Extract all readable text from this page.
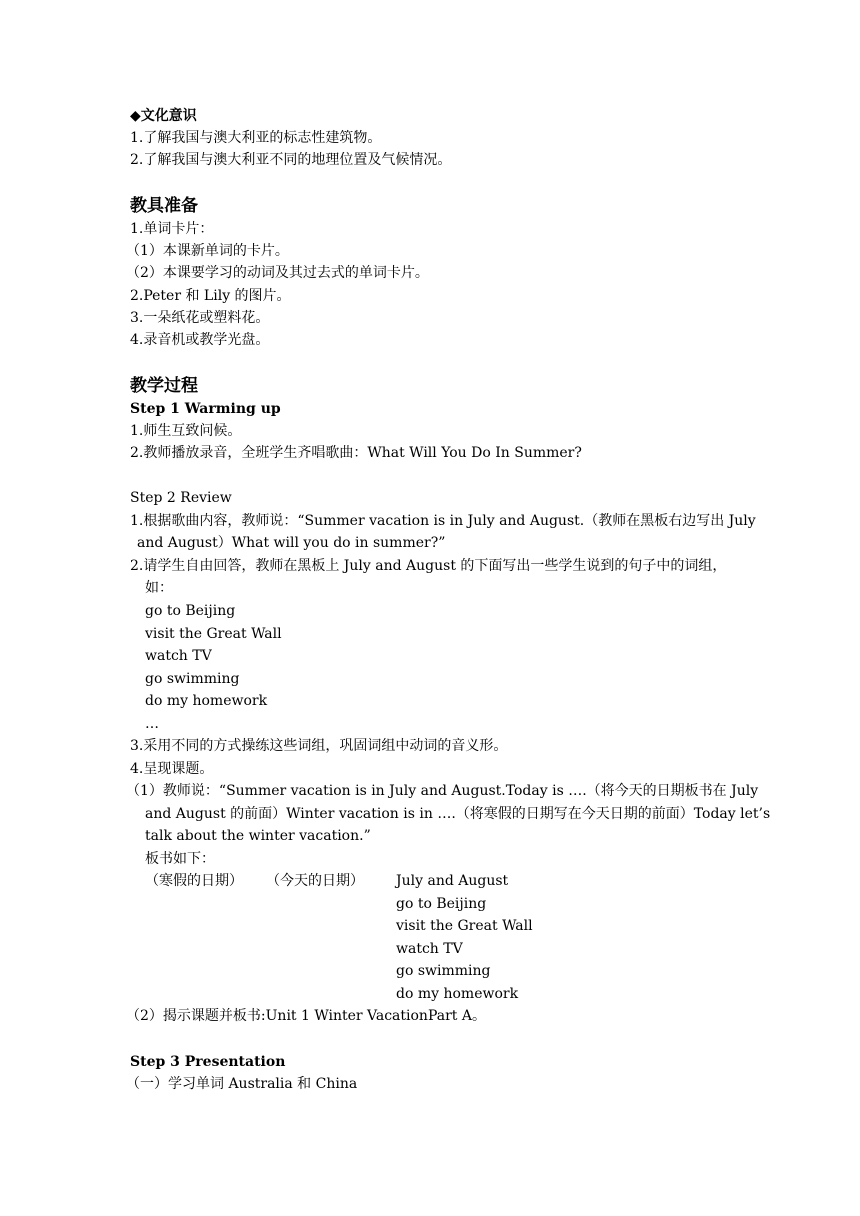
◆文化意识
1.了解我国与澳大利亚的标志性建筑物。
2.了解我国与澳大利亚不同的地理位置及气候情况。
教具准备
1.单词卡片：
（1）本课新单词的卡片。
（2）本课要学习的动词及其过去式的单词卡片。
2.Peter 和 Lily 的图片。
3.一朵纸花或塑料花。
4.录音机或教学光盘。
教学过程
Step 1 Warming up
1.师生互致问候。
2.教师播放录音，全班学生齐唱歌曲：What Will You Do In Summer?
Step 2 Review
1.根据歌曲内容，教师说：“Summer vacation is in July and August.（教师在黑板右边写出 July
and August）What will you do in summer?”
2.请学生自由回答，教师在黑板上 July and August 的下面写出一些学生说到的句子中的词组，
如：
go to Beijing
visit the Great Wall
watch TV
go swimming
do my homework
…
3.采用不同的方式操练这些词组，巩固词组中动词的音义形。
4.呈现课题。
（1）教师说：“Summer vacation is in July and August.Today is ….（将今天的日期板书在 July
and August 的前面）Winter vacation is in ….（将寒假的日期写在今天日期的前面）Today let’s
talk about the winter vacation.”
板书如下：
（寒假的日期） （今天的日期） July and August
go to Beijing
visit the Great Wall
watch TV
go swimming
do my homework
（2）揭示课题并板书:Unit 1 Winter VacationPart A。
Step 3 Presentation
（一）学习单词 Australia 和 China
